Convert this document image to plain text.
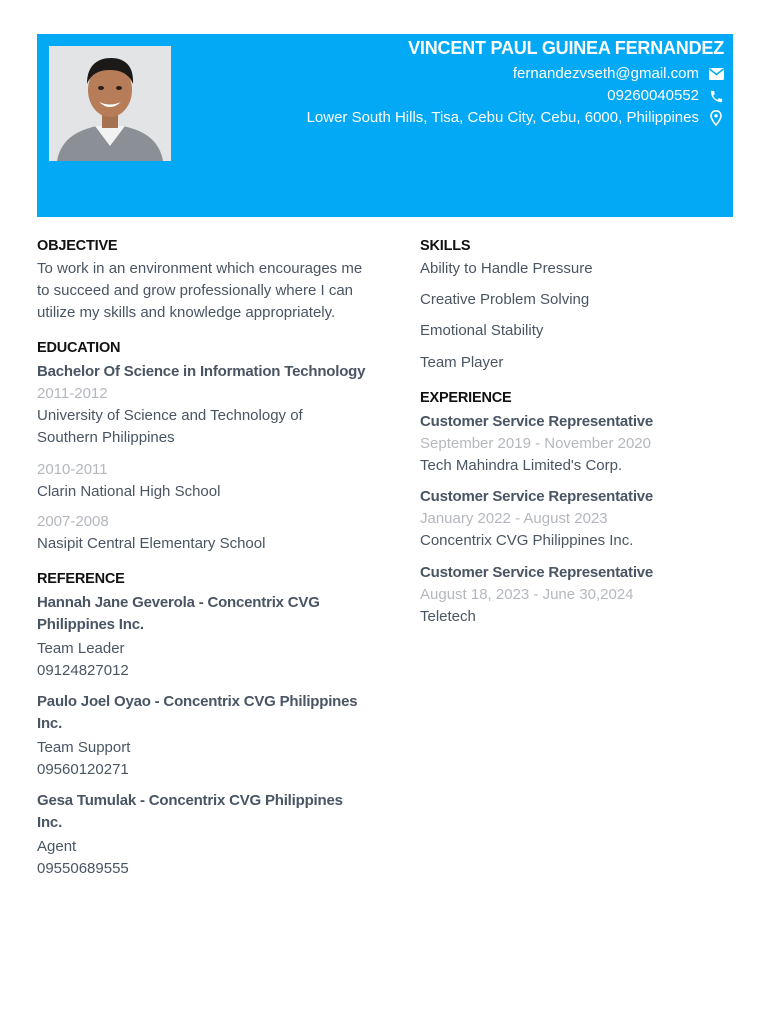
VINCENT PAUL GUINEA FERNANDEZ
fernandezvseth@gmail.com
09260040552
Lower South Hills, Tisa, Cebu City, Cebu, 6000, Philippines
OBJECTIVE
To work in an environment which encourages me to succeed and grow professionally where I can utilize my skills and knowledge appropriately.
EDUCATION
Bachelor Of Science in Information Technology
2011-2012
University of Science and Technology of Southern Philippines
2010-2011
Clarin National High School
2007-2008
Nasipit Central Elementary School
REFERENCE
Hannah Jane Geverola - Concentrix CVG Philippines Inc.
Team Leader
09124827012
Paulo Joel Oyao - Concentrix CVG Philippines Inc.
Team Support
09560120271
Gesa Tumulak - Concentrix CVG Philippines Inc.
Agent
09550689555
SKILLS
Ability to Handle Pressure
Creative Problem Solving
Emotional Stability
Team Player
EXPERIENCE
Customer Service Representative
September 2019 - November 2020
Tech Mahindra Limited's Corp.
Customer Service Representative
January 2022 - August 2023
Concentrix CVG Philippines Inc.
Customer Service Representative
August 18, 2023 - June 30,2024
Teletech
